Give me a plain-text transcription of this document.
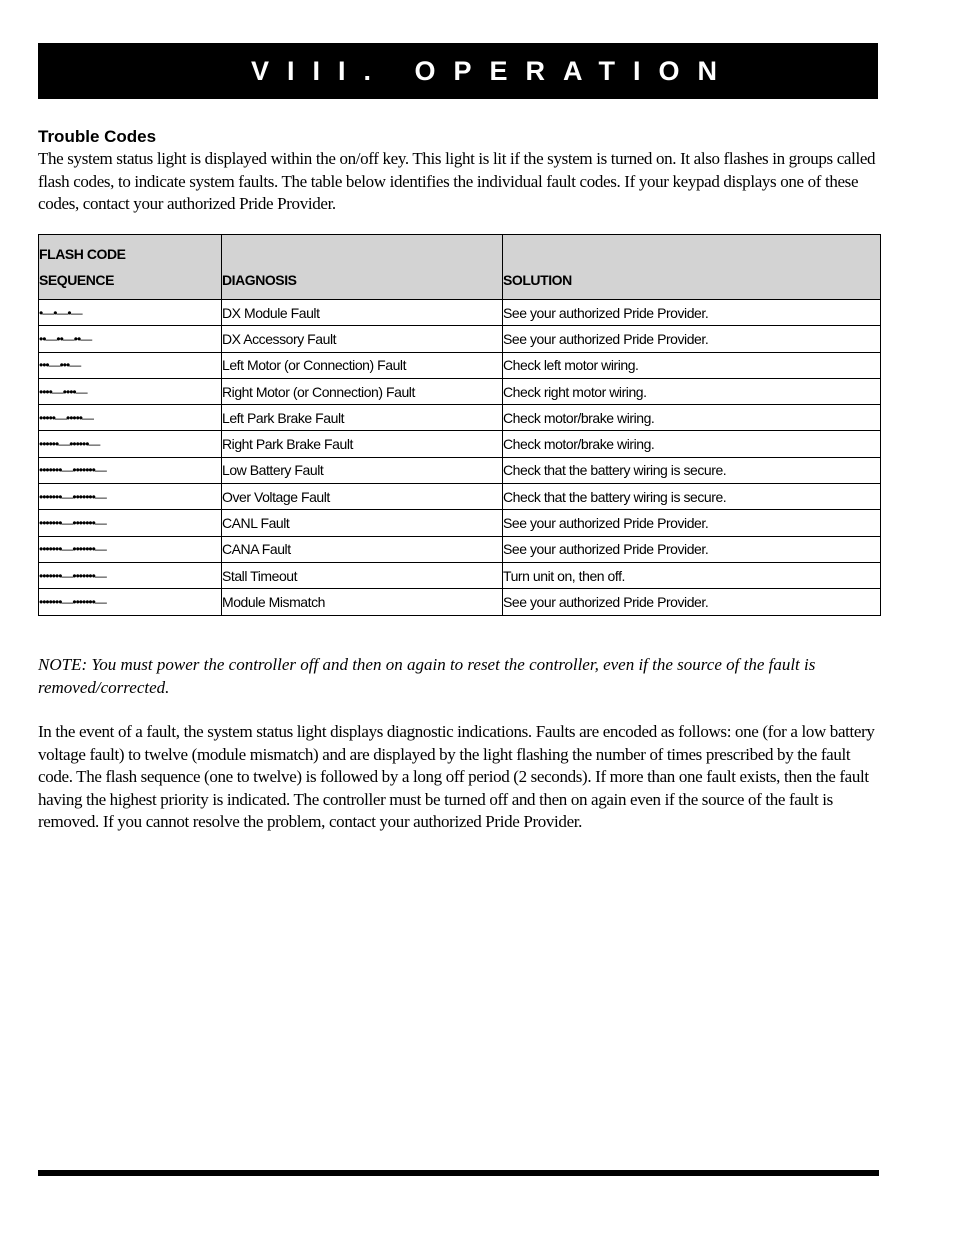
VIII. OPERATION
Trouble Codes

The system status light is displayed within the on/off key. This light is lit if the system is turned on. It also flashes in groups called flash codes, to indicate system faults. The table below identifies the individual fault codes. If your keypad displays one of these codes, contact your authorized Pride Provider.

FLASH CODE
SEQUENCE	DIAGNOSIS	SOLUTION
•—•—•—	DX Module Fault	See your authorized Pride Provider.
••—••—••—	DX Accessory Fault	See your authorized Pride Provider.
•••—•••—	Left Motor (or Connection) Fault	Check left motor wiring.
••••—••••—	Right Motor (or Connection) Fault	Check right motor wiring.
•••••—•••••—	Left Park Brake Fault	Check motor/brake wiring.
••••••—••••••—	Right Park Brake Fault	Check motor/brake wiring.
•••••••—•••••••—	Low Battery Fault	Check that the battery wiring is secure.
•••••••—•••••••—	Over Voltage Fault	Check that the battery wiring is secure.
•••••••—•••••••—	CANL Fault	See your authorized Pride Provider.
•••••••—•••••••—	CANA Fault	See your authorized Pride Provider.
•••••••—•••••••—	Stall Timeout	Turn unit on, then off.
•••••••—•••••••—	Module Mismatch	See your authorized Pride Provider.

NOTE: You must power the controller off and then on again to reset the controller, even if the source of the fault is removed/corrected.

In the event of a fault, the system status light displays diagnostic indications. Faults are encoded as follows: one (for a low battery voltage fault) to twelve (module mismatch) and are displayed by the light flashing the number of times prescribed by the fault code. The flash sequence (one to twelve) is followed by a long off period (2 seconds). If more than one fault exists, then the fault having the highest priority is indicated. The controller must be turned off and then on again even if the source of the fault is removed. If you cannot resolve the problem, contact your authorized Pride Provider.
